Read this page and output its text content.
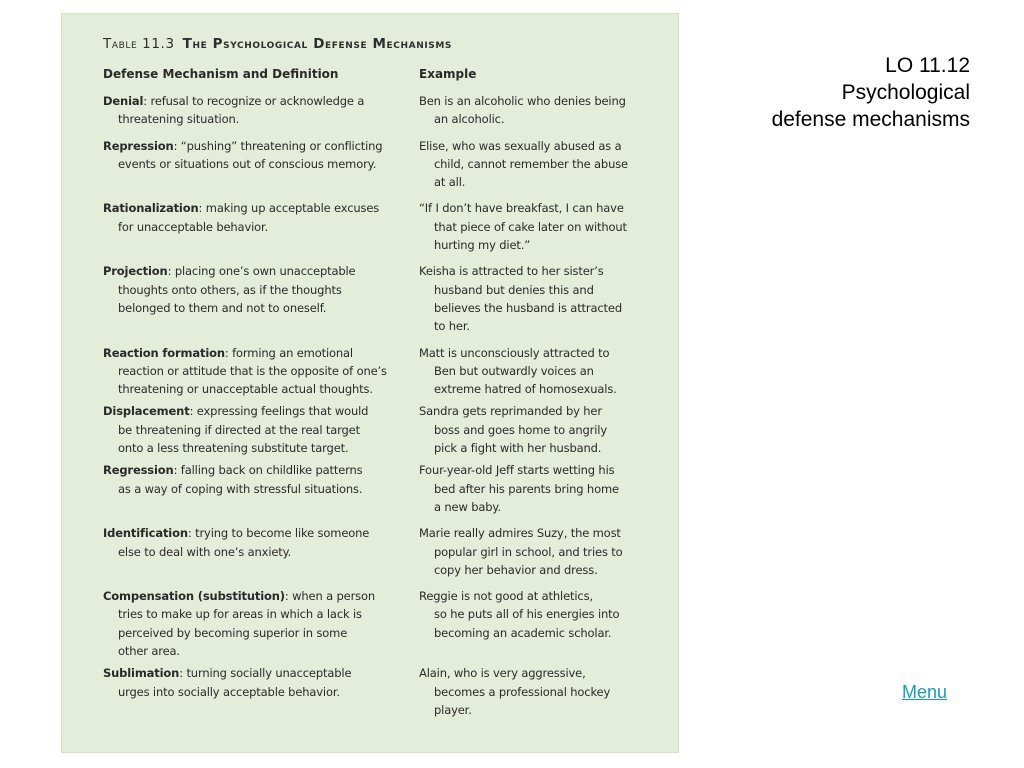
Table 11.3 The Psychological Defense Mechanisms
Defense Mechanism and Definition	Example
Denial: refusal to recognize or acknowledge a
threatening situation.
Ben is an alcoholic who denies being
an alcoholic.
Repression: “pushing” threatening or conflicting
events or situations out of conscious memory.
Elise, who was sexually abused as a
child, cannot remember the abuse
at all.
Rationalization: making up acceptable excuses
for unacceptable behavior.
“If I don’t have breakfast, I can have
that piece of cake later on without
hurting my diet.”
Projection: placing one’s own unacceptable
thoughts onto others, as if the thoughts
belonged to them and not to oneself.
Keisha is attracted to her sister’s
husband but denies this and
believes the husband is attracted
to her.
Reaction formation: forming an emotional
reaction or attitude that is the opposite of one’s
threatening or unacceptable actual thoughts.
Matt is unconsciously attracted to
Ben but outwardly voices an
extreme hatred of homosexuals.
Displacement: expressing feelings that would
be threatening if directed at the real target
onto a less threatening substitute target.
Sandra gets reprimanded by her
boss and goes home to angrily
pick a fight with her husband.
Regression: falling back on childlike patterns
as a way of coping with stressful situations.
Four-year-old Jeff starts wetting his
bed after his parents bring home
a new baby.
Identification: trying to become like someone
else to deal with one’s anxiety.
Marie really admires Suzy, the most
popular girl in school, and tries to
copy her behavior and dress.
Compensation (substitution): when a person
tries to make up for areas in which a lack is
perceived by becoming superior in some
other area.
Reggie is not good at athletics,
so he puts all of his energies into
becoming an academic scholar.
Sublimation: turning socially unacceptable
urges into socially acceptable behavior.
Alain, who is very aggressive,
becomes a professional hockey
player.
LO 11.12
Psychological
defense mechanisms
Menu
